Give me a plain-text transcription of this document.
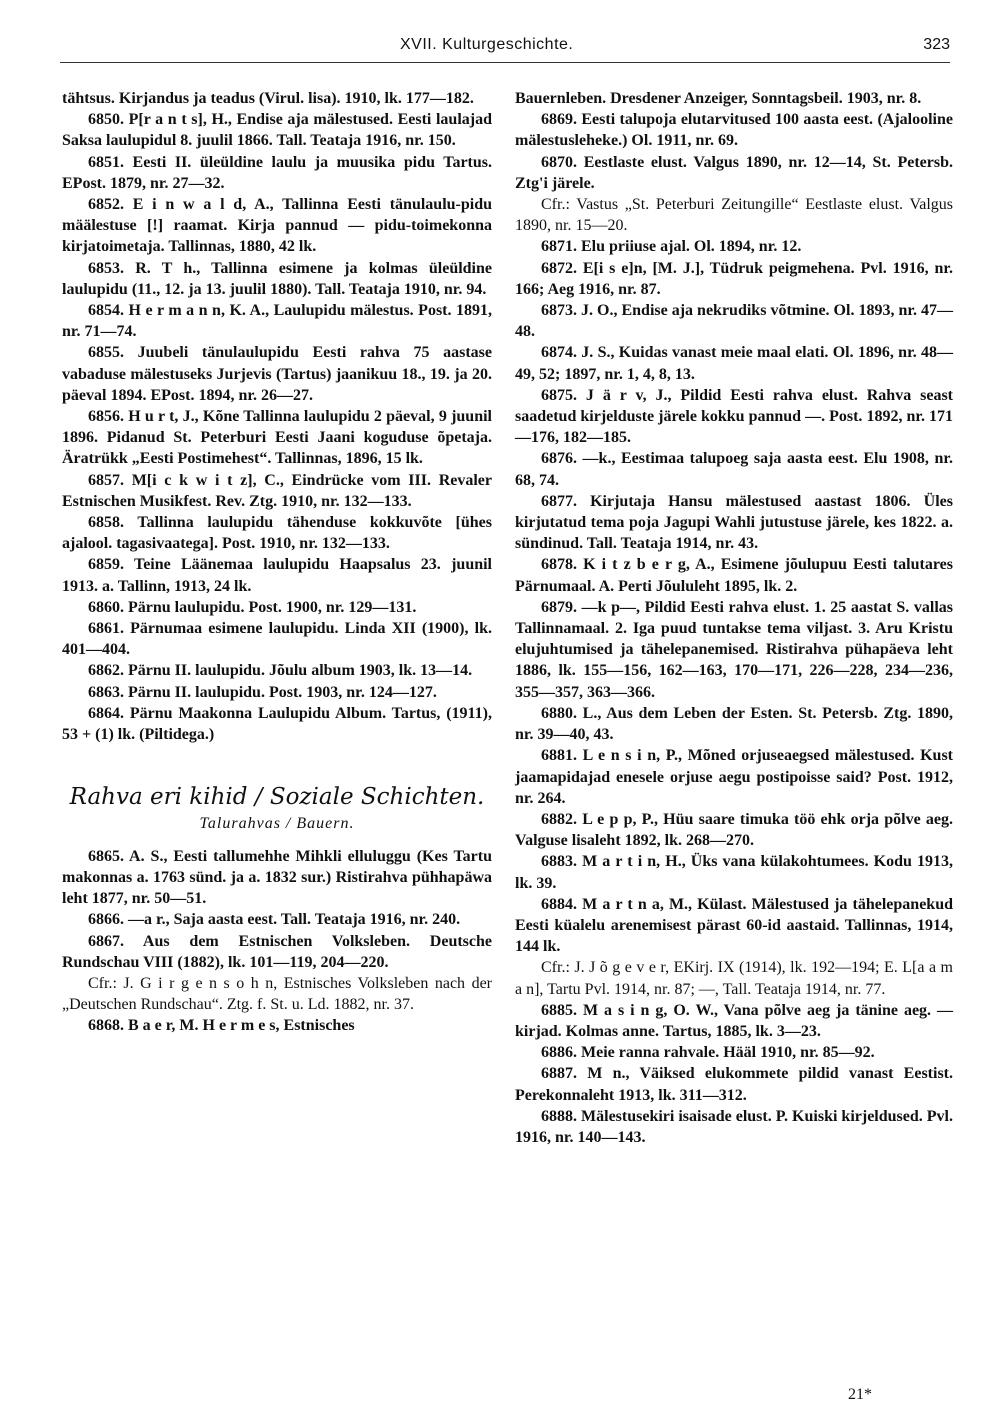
XVII. Kulturgeschichte.	323

tähtsus. Kirjandus ja teadus (Virul. lisa). 1910, lk. 177—182.

6850. P[r a n t s], H., Endise aja mälestused. Eesti laulajad Saksa laulupidul 8. juulil 1866. Tall. Teataja 1916, nr. 150.

6851. Eesti II. üleüldine laulu ja muusika pidu Tartus. EPost. 1879, nr. 27—32.

6852. E i n w a l d, A., Tallinna Eesti tänulaulu-pidu määlestuse [!] raamat. Kirja pannud — pidu-toimekonna kirjatoimetaja. Tallinnas, 1880, 42 lk.

6853. R. T h., Tallinna esimene ja kolmas üleüldine laulupidu (11., 12. ja 13. juulil 1880). Tall. Teataja 1910, nr. 94.

6854. H e r m a n n, K. A., Laulupidu mälestus. Post. 1891, nr. 71—74.

6855. Juubeli tänulaulupidu Eesti rahva 75 aastase vabaduse mälestuseks Jurjevis (Tartus) jaanikuu 18., 19. ja 20. päeval 1894. EPost. 1894, nr. 26—27.

6856. H u r t, J., Kõne Tallinna laulupidu 2 päeval, 9 juunil 1896. Pidanud St. Peterburi Eesti Jaani koguduse õpetaja. Äratrükk „Eesti Postimehest“. Tallinnas, 1896, 15 lk.

6857. M[i c k w i t z], C., Eindrücke vom III. Revaler Estnischen Musikfest. Rev. Ztg. 1910, nr. 132—133.

6858. Tallinna laulupidu tähenduse kokkuvõte [ühes ajalool. tagasivaatega]. Post. 1910, nr. 132—133.

6859. Teine Läänemaa laulupidu Haapsalus 23. juunil 1913. a. Tallinn, 1913, 24 lk.

6860. Pärnu laulupidu. Post. 1900, nr. 129—131.

6861. Pärnumaa esimene laulupidu. Linda XII (1900), lk. 401—404.

6862. Pärnu II. laulupidu. Jõulu album 1903, lk. 13—14.

6863. Pärnu II. laulupidu. Post. 1903, nr. 124—127.

6864. Pärnu Maakonna Laulupidu Album. Tartus, (1911), 53 + (1) lk. (Piltidega.)

Rahva eri kihid / Soziale Schichten.
Talurahvas / Bauern.

6865. A. S., Eesti tallumehhe Mihkli elluluggu (Kes Tartu makonnas a. 1763 sünd. ja a. 1832 sur.) Ristirahva pühhapäwa leht 1877, nr. 50—51.

6866. —a r., Saja aasta eest. Tall. Teataja 1916, nr. 240.

6867. Aus dem Estnischen Volksleben. Deutsche Rundschau VIII (1882), lk. 101—119, 204—220.

Cfr.: J. G i r g e n s o h n, Estnisches Volksleben nach der „Deutschen Rundschau“. Ztg. f. St. u. Ld. 1882, nr. 37.

6868. B a e r, M. H e r m e s, Estnisches

Bauernleben. Dresdener Anzeiger, Sonntagsbeil. 1903, nr. 8.

6869. Eesti talupoja elutarvitused 100 aasta eest. (Ajalooline mälestusleheke.) Ol. 1911, nr. 69.

6870. Eestlaste elust. Valgus 1890, nr. 12—14, St. Petersb. Ztg'i järele.

Cfr.: Vastus „St. Peterburi Zeitungille“ Eestlaste elust. Valgus 1890, nr. 15—20.

6871. Elu priiuse ajal. Ol. 1894, nr. 12.

6872. E[i s e]n, [M. J.], Tüdruk peigmehena. Pvl. 1916, nr. 166; Aeg 1916, nr. 87.

6873. J. O., Endise aja nekrudiks võtmine. Ol. 1893, nr. 47—48.

6874. J. S., Kuidas vanast meie maal elati. Ol. 1896, nr. 48—49, 52; 1897, nr. 1, 4, 8, 13.

6875. J ä r v, J., Pildid Eesti rahva elust. Rahva seast saadetud kirjelduste järele kokku pannud —. Post. 1892, nr. 171—176, 182—185.

6876. —k., Eestimaa talupoeg saja aasta eest. Elu 1908, nr. 68, 74.

6877. Kirjutaja Hansu mälestused aastast 1806. Üles kirjutatud tema poja Jagupi Wahli jutustuse järele, kes 1822. a. sündinud. Tall. Teataja 1914, nr. 43.

6878. K i t z b e r g, A., Esimene jõulupuu Eesti talutares Pärnumaal. A. Perti Jõululeht 1895, lk. 2.

6879. —k p—, Pildid Eesti rahva elust. 1. 25 aastat S. vallas Tallinnamaal. 2. Iga puud tuntakse tema viljast. 3. Aru Kristu elujuhtumised ja tähelepanemised. Ristirahva pühapäeva leht 1886, lk. 155—156, 162—163, 170—171, 226—228, 234—236, 355—357, 363—366.

6880. L., Aus dem Leben der Esten. St. Petersb. Ztg. 1890, nr. 39—40, 43.

6881. L e n s i n, P., Mõned orjuseaegsed mälestused. Kust jaamapidajad enesele orjuse aegu postipoisse said? Post. 1912, nr. 264.

6882. L e p p, P., Hüu saare timuka töö ehk orja põlve aeg. Valguse lisaleht 1892, lk. 268—270.

6883. M a r t i n, H., Üks vana külakohtumees. Kodu 1913, lk. 39.

6884. M a r t n a, M., Külast. Mälestused ja tähelepanekud Eesti küalelu arenemisest pärast 60-id aastaid. Tallinnas, 1914, 144 lk.

Cfr.: J. J õ g e v e r, EKirj. IX (1914), lk. 192—194; E. L[a a m a n], Tartu Pvl. 1914, nr. 87; —, Tall. Teataja 1914, nr. 77.

6885. M a s i n g, O. W., Vana põlve aeg ja tänine aeg. — kirjad. Kolmas anne. Tartus, 1885, lk. 3—23.

6886. Meie ranna rahvale. Hääl 1910, nr. 85—92.

6887. M n., Väiksed elukommete pildid vanast Eestist. Perekonnaleht 1913, lk. 311—312.

6888. Mälestusekiri isaisade elust. P. Kuiski kirjeldused. Pvl. 1916, nr. 140—143.

21*
